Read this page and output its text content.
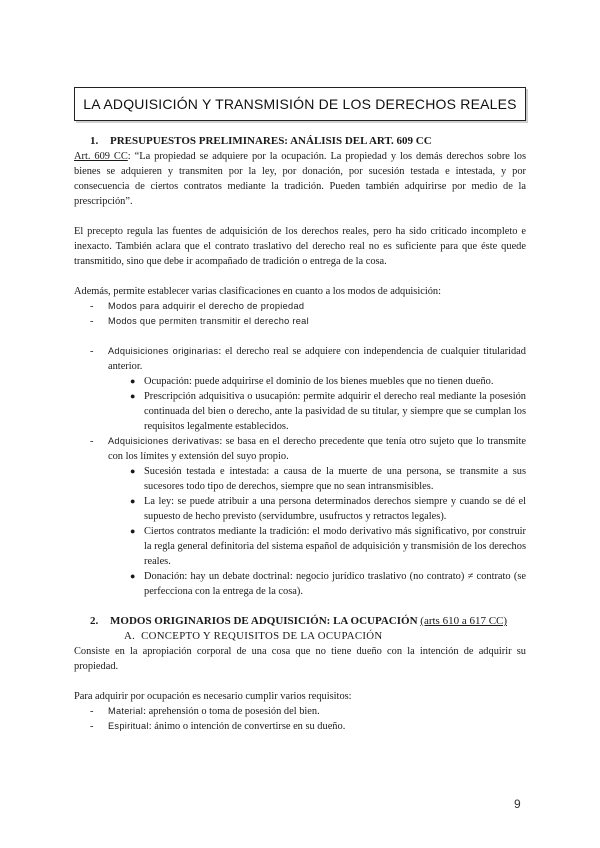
LA ADQUISICIÓN Y TRANSMISIÓN DE LOS DERECHOS REALES

1. PRESUPUESTOS PRELIMINARES: ANÁLISIS DEL ART. 609 CC

Art. 609 CC: “La propiedad se adquiere por la ocupación. La propiedad y los demás derechos sobre los bienes se adquieren y transmiten por la ley, por donación, por sucesión testada e intestada, y por consecuencia de ciertos contratos mediante la tradición. Pueden también adquirirse por medio de la prescripción”.

El precepto regula las fuentes de adquisición de los derechos reales, pero ha sido criticado incompleto e inexacto. También aclara que el contrato traslativo del derecho real no es suficiente para que éste quede transmitido, sino que debe ir acompañado de tradición o entrega de la cosa.

Además, permite establecer varias clasificaciones en cuanto a los modos de adquisición:

-	Modos para adquirir el derecho de propiedad
-	Modos que permiten transmitir el derecho real
-	Adquisiciones originarias: el derecho real se adquiere con independencia de cualquier titularidad anterior.
● Ocupación: puede adquirirse el dominio de los bienes muebles que no tienen dueño.
● Prescripción adquisitiva o usucapión: permite adquirir el derecho real mediante la posesión continuada del bien o derecho, ante la pasividad de su titular, y siempre que se cumplan los requisitos legalmente establecidos.
-	Adquisiciones derivativas: se basa en el derecho precedente que tenía otro sujeto que lo transmite con los límites y extensión del suyo propio.
● Sucesión testada e intestada: a causa de la muerte de una persona, se transmite a sus sucesores todo tipo de derechos, siempre que no sean intransmisibles.
● La ley: se puede atribuir a una persona determinados derechos siempre y cuando se dé el supuesto de hecho previsto (servidumbre, usufructos y retractos legales).
● Ciertos contratos mediante la tradición: el modo derivativo más significativo, por construir la regla general definitoria del sistema español de adquisición y transmisión de los derechos reales.
● Donación: hay un debate doctrinal: negocio jurídico traslativo (no contrato) ≠ contrato (se perfecciona con la entrega de la cosa).

2. MODOS ORIGINARIOS DE ADQUISICIÓN: LA OCUPACIÓN (arts 610 a 617 CC)

A. CONCEPTO Y REQUISITOS DE LA OCUPACIÓN

Consiste en la apropiación corporal de una cosa que no tiene dueño con la intención de adquirir su propiedad.

Para adquirir por ocupación es necesario cumplir varios requisitos:

-	Material: aprehensión o toma de posesión del bien.
-	Espiritual: ánimo o intención de convertirse en su dueño.
9
